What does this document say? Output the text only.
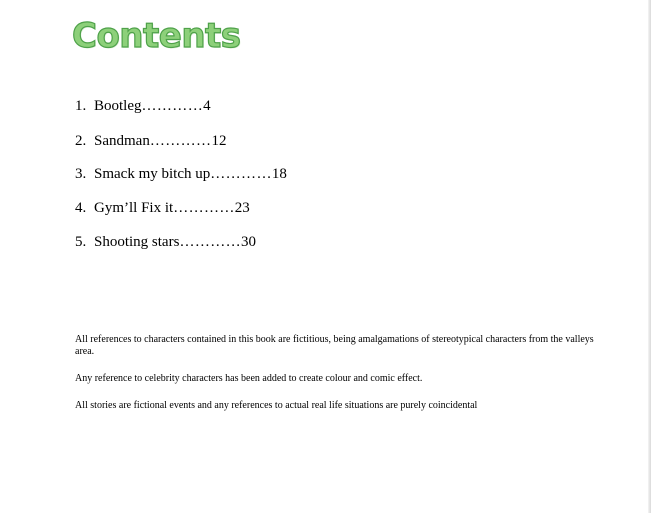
Contents
1. Bootleg ………… 4
2. Sandman ………… 12
3. Smack my bitch up ………… 18
4. Gym’ll Fix it ………… 23
5. Shooting stars ………… 30

All references to characters contained in this book are fictitious, being amalgamations of stereotypical characters from the valleys area.

Any reference to celebrity characters has been added to create colour and comic effect.

All stories are fictional events and any references to actual real life situations are purely coincidental
